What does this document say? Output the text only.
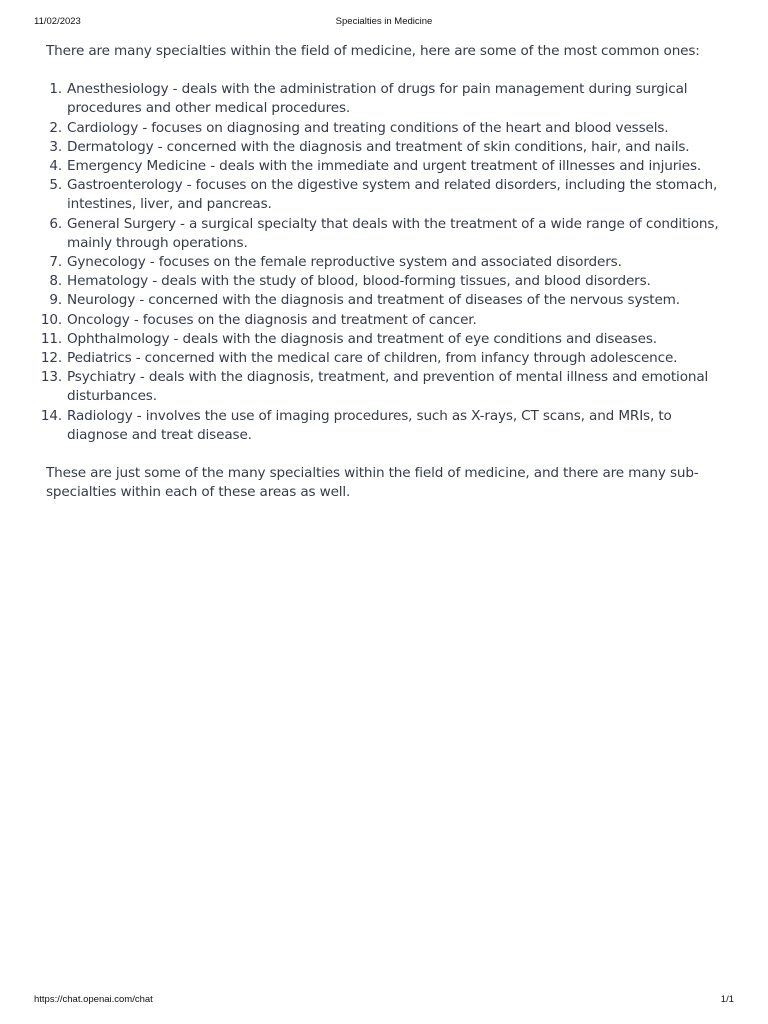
11/02/2023	Specialties in Medicine

There are many specialties within the field of medicine, here are some of the most common ones:

1. Anesthesiology - deals with the administration of drugs for pain management during surgical procedures and other medical procedures.
2. Cardiology - focuses on diagnosing and treating conditions of the heart and blood vessels.
3. Dermatology - concerned with the diagnosis and treatment of skin conditions, hair, and nails.
4. Emergency Medicine - deals with the immediate and urgent treatment of illnesses and injuries.
5. Gastroenterology - focuses on the digestive system and related disorders, including the stomach, intestines, liver, and pancreas.
6. General Surgery - a surgical specialty that deals with the treatment of a wide range of conditions, mainly through operations.
7. Gynecology - focuses on the female reproductive system and associated disorders.
8. Hematology - deals with the study of blood, blood-forming tissues, and blood disorders.
9. Neurology - concerned with the diagnosis and treatment of diseases of the nervous system.
10. Oncology - focuses on the diagnosis and treatment of cancer.
11. Ophthalmology - deals with the diagnosis and treatment of eye conditions and diseases.
12. Pediatrics - concerned with the medical care of children, from infancy through adolescence.
13. Psychiatry - deals with the diagnosis, treatment, and prevention of mental illness and emotional disturbances.
14. Radiology - involves the use of imaging procedures, such as X-rays, CT scans, and MRIs, to diagnose and treat disease.

These are just some of the many specialties within the field of medicine, and there are many sub-specialties within each of these areas as well.

https://chat.openai.com/chat	1/1
